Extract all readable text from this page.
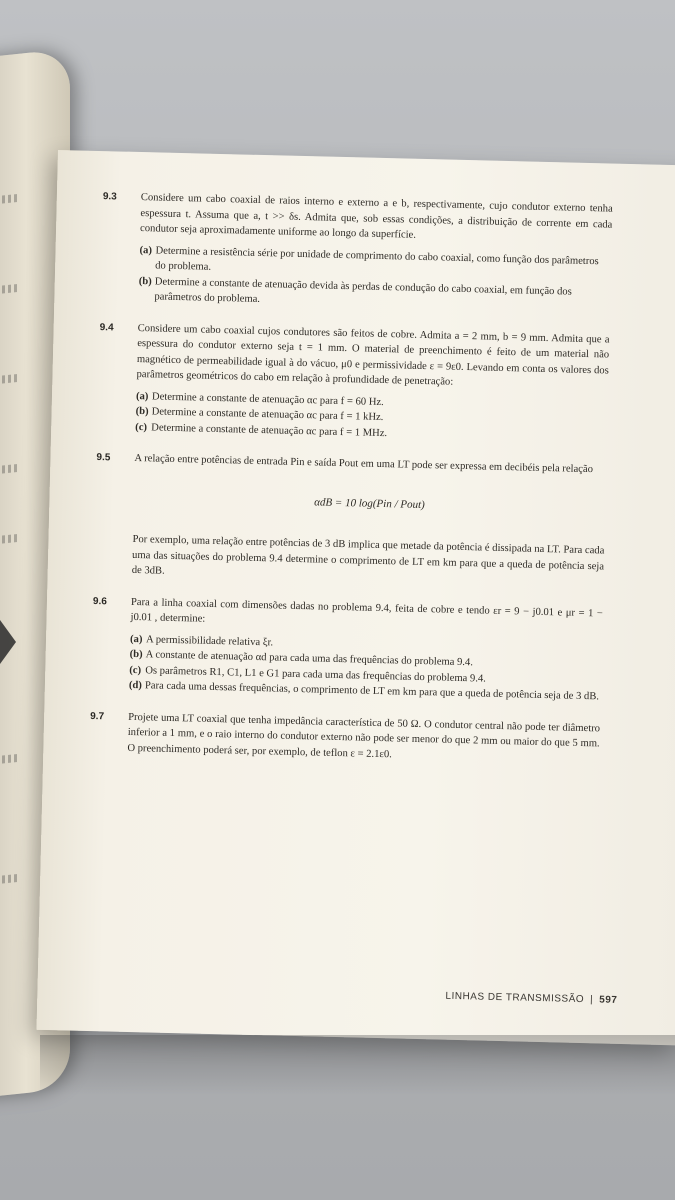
9.3 Considere um cabo coaxial de raios interno e externo a e b, respectivamente, cujo condutor externo tenha espessura t. Assuma que a, t >> δs. Admita que, sob essas condições, a distribuição de corrente em cada condutor seja aproximadamente uniforme ao longo da superfície.
(a) Determine a resistência série por unidade de comprimento do cabo coaxial, como função dos parâmetros do problema.
(b) Determine a constante de atenuação devida às perdas de condução do cabo coaxial, em função dos parâmetros do problema.
9.4 Considere um cabo coaxial cujos condutores são feitos de cobre. Admita a = 2 mm, b = 9 mm. Admita que a espessura do condutor externo seja t = 1 mm. O material de preenchimento é feito de um material não magnético de permeabilidade igual à do vácuo, μ0 e permissividade ε = 9ε0. Levando em conta os valores dos parâmetros geométricos do cabo em relação à profundidade de penetração:
(a) Determine a constante de atenuação αc para f = 60 Hz.
(b) Determine a constante de atenuação αc para f = 1 kHz.
(c) Determine a constante de atenuação αc para f = 1 MHz.
9.5 A relação entre potências de entrada Pin e saída Pout em uma LT pode ser expressa em decibéis pela relação
αdB = 10 log(Pin / Pout)
Por exemplo, uma relação entre potências de 3 dB implica que metade da potência é dissipada na LT. Para cada uma das situações do problema 9.4 determine o comprimento de LT em km para que a queda de potência seja de 3dB.
9.6 Para a linha coaxial com dimensões dadas no problema 9.4, feita de cobre e tendo εr = 9 − j0.01 e μr = 1 − j0.01 , determine:
(a) A permissibilidade relativa ξr.
(b) A constante de atenuação αd para cada uma das frequências do problema 9.4.
(c) Os parâmetros R1, C1, L1 e G1 para cada uma das frequências do problema 9.4.
(d) Para cada uma dessas frequências, o comprimento de LT em km para que a queda de potência seja de 3 dB.
9.7 Projete uma LT coaxial que tenha impedância característica de 50 Ω. O condutor central não pode ter diâmetro inferior a 1 mm, e o raio interno do condutor externo não pode ser menor do que 2 mm ou maior do que 5 mm. O preenchimento poderá ser, por exemplo, de teflon ε = 2.1ε0.
LINHAS DE TRANSMISSÃO | 597
